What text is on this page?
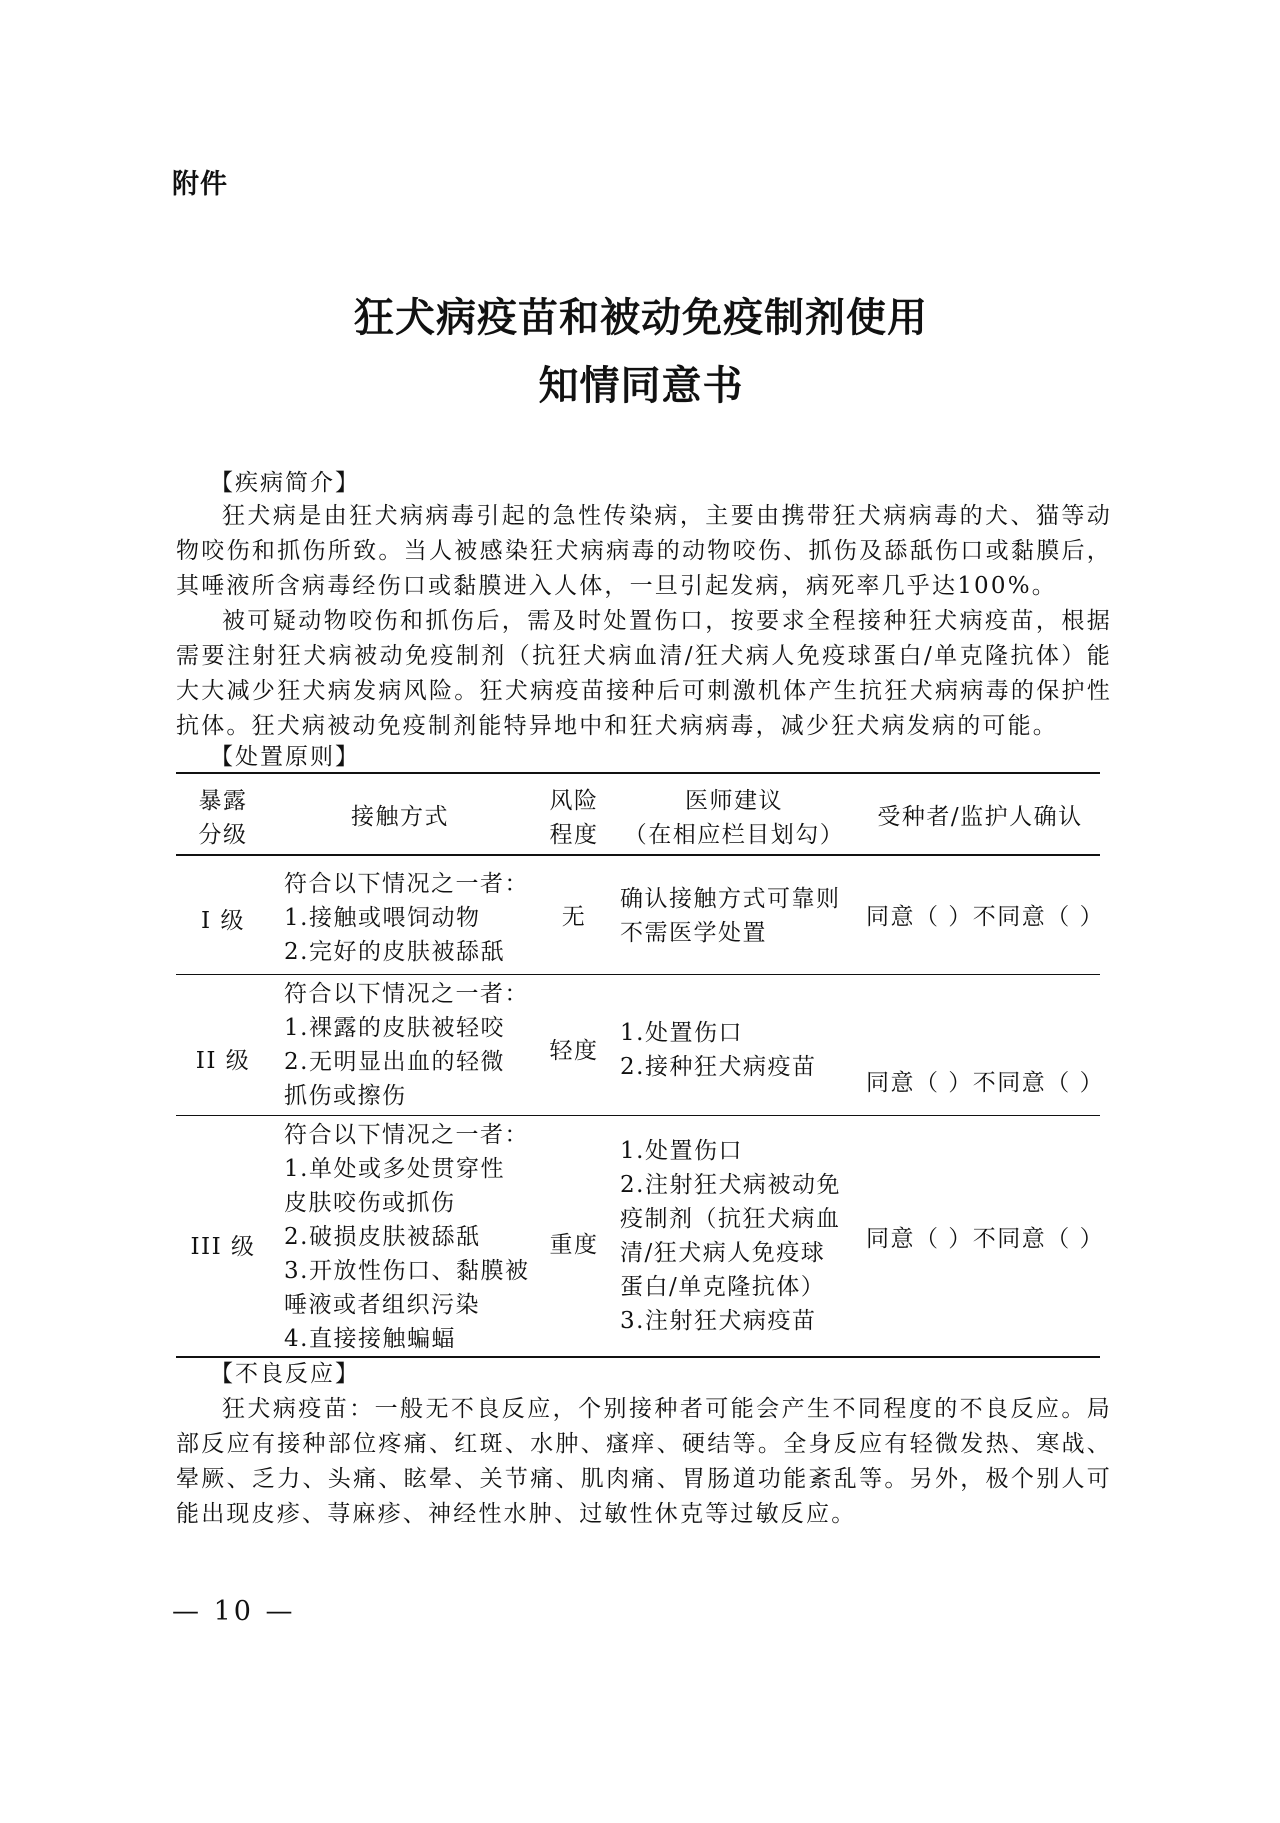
附件
狂犬病疫苗和被动免疫制剂使用
知情同意书
【疾病简介】

狂犬病是由狂犬病病毒引起的急性传染病，主要由携带狂犬病病毒的犬、猫等动物咬伤和抓伤所致。当人被感染狂犬病病毒的动物咬伤、抓伤及舔舐伤口或黏膜后，其唾液所含病毒经伤口或黏膜进入人体，一旦引起发病，病死率几乎达100%。

被可疑动物咬伤和抓伤后，需及时处置伤口，按要求全程接种狂犬病疫苗，根据需要注射狂犬病被动免疫制剂（抗狂犬病血清/狂犬病人免疫球蛋白/单克隆抗体）能大大减少狂犬病发病风险。狂犬病疫苗接种后可刺激机体产生抗狂犬病病毒的保护性抗体。狂犬病被动免疫制剂能特异地中和狂犬病病毒，减少狂犬病发病的可能。

【处置原则】
暴露
分级
接触方式
风险
程度
医师建议
（在相应栏目划勾）
受种者/监护人确认
I 级
符合以下情况之一者：
1.接触或喂饲动物
2.完好的皮肤被舔舐
无
确认接触方式可靠则
不需医学处置
同意（ ）不同意（ ）
II 级
符合以下情况之一者：
1.裸露的皮肤被轻咬
2.无明显出血的轻微
抓伤或擦伤
轻度
1.处置伤口
2.接种狂犬病疫苗
同意（ ）不同意（ ）
III 级
符合以下情况之一者：
1.单处或多处贯穿性
皮肤咬伤或抓伤
2.破损皮肤被舔舐
3.开放性伤口、黏膜被
唾液或者组织污染
4.直接接触蝙蝠
重度
1.处置伤口
2.注射狂犬病被动免
疫制剂（抗狂犬病血
清/狂犬病人免疫球
蛋白/单克隆抗体）
3.注射狂犬病疫苗
同意（ ）不同意（ ）
【不良反应】

狂犬病疫苗：一般无不良反应，个别接种者可能会产生不同程度的不良反应。局部反应有接种部位疼痛、红斑、水肿、瘙痒、硬结等。全身反应有轻微发热、寒战、晕厥、乏力、头痛、眩晕、关节痛、肌肉痛、胃肠道功能紊乱等。另外，极个别人可能出现皮疹、荨麻疹、神经性水肿、过敏性休克等过敏反应。

— 10 —
